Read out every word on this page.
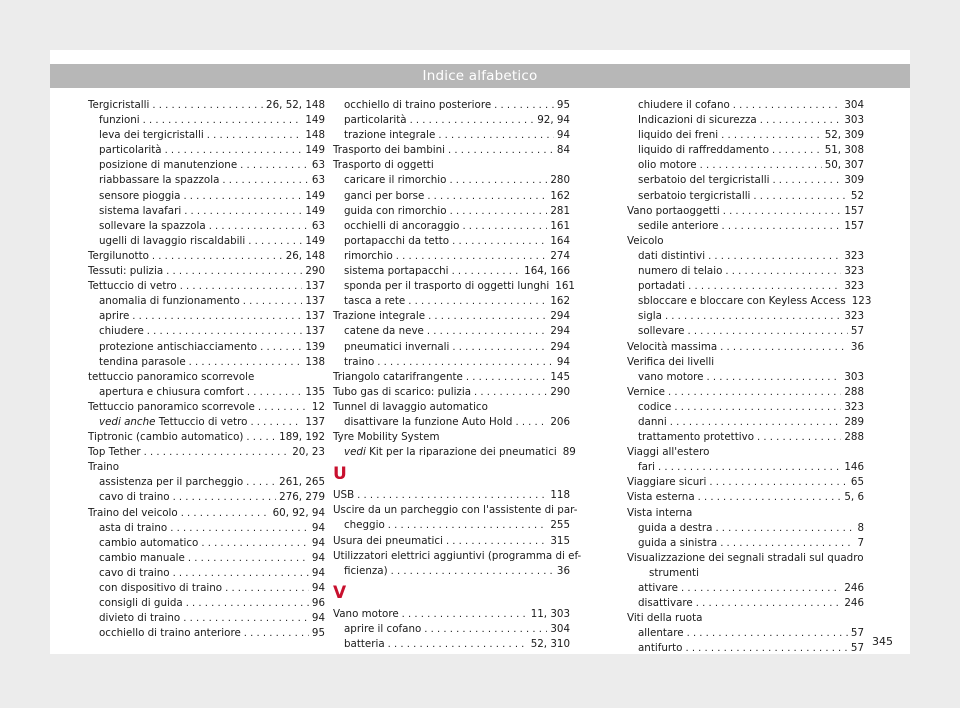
Indice alfabetico
Tergicristalli . . .	26, 52, 148
funzioni . . .	149
leva dei tergicristalli . . .	148
particolarità . . .	149
posizione di manutenzione . . .	63
riabbassare la spazzola . . .	63
sensore pioggia . . .	149
sistema lavafari . . .	149
sollevare la spazzola . . .	63
ugelli di lavaggio riscaldabili . . .	149
Tergilunotto . . .	26, 148
Tessuti: pulizia . . .	290
Tettuccio di vetro . . .	137
anomalia di funzionamento . . .	137
aprire . . .	137
chiudere . . .	137
protezione antischiacciamento . . .	139
tendina parasole . . .	138
tettuccio panoramico scorrevole
apertura e chiusura comfort . . .	135
Tettuccio panoramico scorrevole . . .	12
vedi anche Tettuccio di vetro . . .	137
Tiptronic (cambio automatico) . . .	189, 192
Top Tether . . .	20, 23
Traino
assistenza per il parcheggio . . .	261, 265
cavo di traino . . .	276, 279
Traino del veicolo . . .	60, 92, 94
asta di traino . . .	94
cambio automatico . . .	94
cambio manuale . . .	94
cavo di traino . . .	94
con dispositivo di traino . . .	94
consigli di guida . . .	96
divieto di traino . . .	94
occhiello di traino anteriore . . .	95
occhiello di traino posteriore . . .	95
particolarità . . .	92, 94
trazione integrale . . .	94
Trasporto dei bambini . . .	84
Trasporto di oggetti
caricare il rimorchio . . .	280
ganci per borse . . .	162
guida con rimorchio . . .	281
occhielli di ancoraggio . . .	161
portapacchi da tetto . . .	164
rimorchio . . .	274
sistema portapacchi . . .	164, 166
sponda per il trasporto di oggetti lunghi 161
tasca a rete . . .	162
Trazione integrale . . .	294
catene da neve . . .	294
pneumatici invernali . . .	294
traino . . .	94
Triangolo catarifrangente . . .	145
Tubo gas di scarico: pulizia . . .	290
Tunnel di lavaggio automatico
disattivare la funzione Auto Hold . . .	206
Tyre Mobility System
vedi Kit per la riparazione dei pneumatici 89
U
USB . . .	118
Uscire da un parcheggio con l'assistente di par-
cheggio . . .	255
Usura dei pneumatici . . .	315
Utilizzatori elettrici aggiuntivi (programma di ef-
ficienza) . . .	36
V
Vano motore . . .	11, 303
aprire il cofano . . .	304
batteria . . .	52, 310
chiudere il cofano . . .	304
Indicazioni di sicurezza . . .	303
liquido dei freni . . .	52, 309
liquido di raffreddamento . . .	51, 308
olio motore . . .	50, 307
serbatoio del tergicristalli . . .	309
serbatoio tergicristalli . . .	52
Vano portaoggetti . . .	157
sedile anteriore . . .	157
Veicolo
dati distintivi . . .	323
numero di telaio . . .	323
portadati . . .	323
sbloccare e bloccare con Keyless Access 123
sigla . . .	323
sollevare . . .	57
Velocità massima . . .	36
Verifica dei livelli
vano motore . . .	303
Vernice . . .	288
codice . . .	323
danni . . .	289
trattamento protettivo . . .	288
Viaggi all'estero
fari . . .	146
Viaggiare sicuri . . .	65
Vista esterna . . .	5, 6
Vista interna
guida a destra . . .	8
guida a sinistra . . .	7
Visualizzazione dei segnali stradali sul quadro
strumenti
attivare . . .	246
disattivare . . .	246
Viti della ruota
allentare . . .	57
antifurto . . .	57
345
